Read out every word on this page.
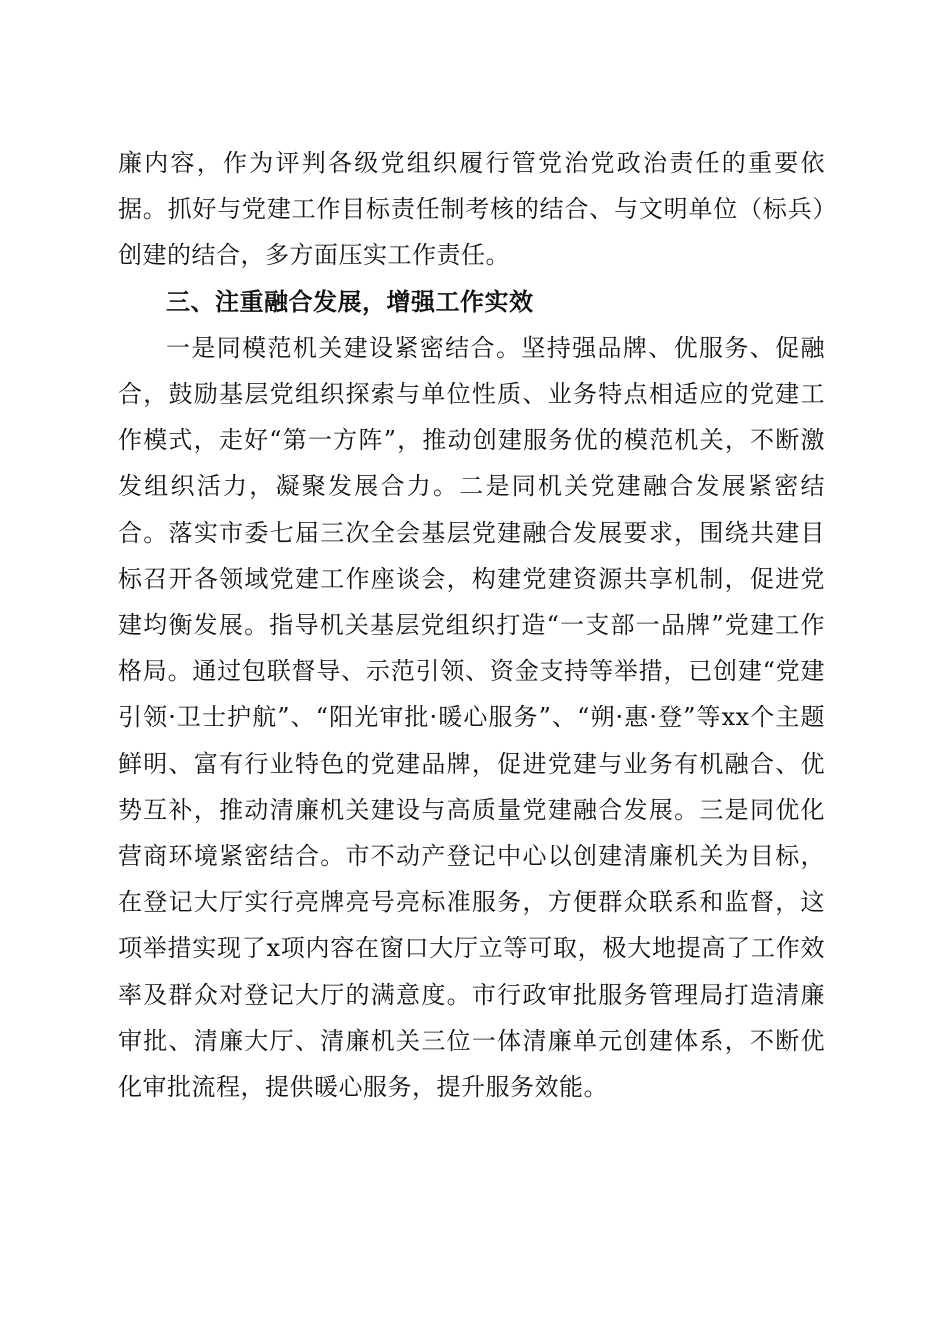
廉内容，作为评判各级党组织履行管党治党政治责任的重要依据。抓好与党建工作目标责任制考核的结合、与文明单位（标兵）创建的结合，多方面压实工作责任。

三、注重融合发展，增强工作实效

一是同模范机关建设紧密结合。坚持强品牌、优服务、促融合，鼓励基层党组织探索与单位性质、业务特点相适应的党建工作模式，走好“第一方阵”，推动创建服务优的模范机关，不断激发组织活力，凝聚发展合力。二是同机关党建融合发展紧密结合。落实市委七届三次全会基层党建融合发展要求，围绕共建目标召开各领域党建工作座谈会，构建党建资源共享机制，促进党建均衡发展。指导机关基层党组织打造“一支部一品牌”党建工作格局。通过包联督导、示范引领、资金支持等举措，已创建“党建引领·卫士护航”、“阳光审批·暖心服务”、“朔·惠·登”等xx个主题鲜明、富有行业特色的党建品牌，促进党建与业务有机融合、优势互补，推动清廉机关建设与高质量党建融合发展。三是同优化营商环境紧密结合。市不动产登记中心以创建清廉机关为目标，在登记大厅实行亮牌亮号亮标准服务，方便群众联系和监督，这项举措实现了x项内容在窗口大厅立等可取，极大地提高了工作效率及群众对登记大厅的满意度。市行政审批服务管理局打造清廉审批、清廉大厅、清廉机关三位一体清廉单元创建体系，不断优化审批流程，提供暖心服务，提升服务效能。
